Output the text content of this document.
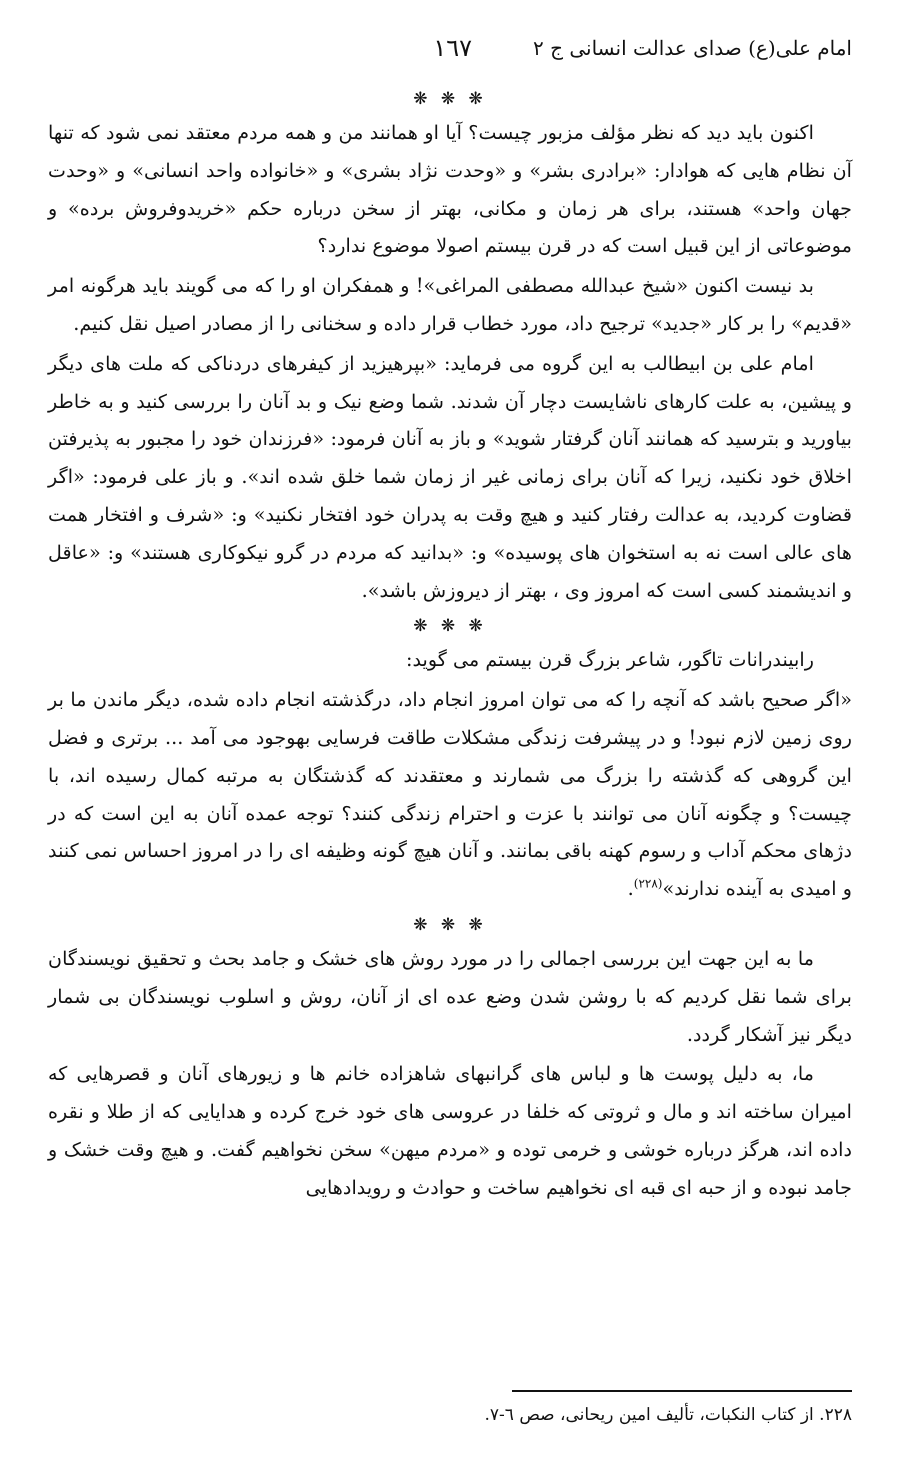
امام علی(ع) صدای عدالت انسانی ج ۲
۱٦۷
❋ ❋ ❋

اکنون باید دید که نظر مؤلف مزبور چیست؟ آیا او همانند من و همه مردم معتقد نمی شود که تنها آن نظام هایی که هوادار: «برادری بشر» و «وحدت نژاد بشری» و «خانواده واحد انسانی» و «وحدت جهان واحد» هستند، برای هر زمان و مکانی، بهتر از سخن درباره حکم «خریدوفروش برده» و موضوعاتی از این قبیل است که در قرن بیستم اصولا موضوع ندارد؟

بد نیست اکنون «شیخ عبدالله مصطفی المراغی»! و همفکران او را که می گویند باید هرگونه امر «قدیم» را بر کار «جدید» ترجیح داد، مورد خطاب قرار داده و سخنانی را از مصادر اصیل نقل کنیم.

امام علی بن ابیطالب به این گروه می فرماید: «بپرهیزید از کیفرهای دردناکی که ملت های دیگر و پیشین، به علت کارهای ناشایست دچار آن شدند. شما وضع نیک و بد آنان را بررسی کنید و به خاطر بیاورید و بترسید که همانند آنان گرفتار شوید» و باز به آنان فرمود: «فرزندان خود را مجبور به پذیرفتن اخلاق خود نکنید، زیرا که آنان برای زمانی غیر از زمان شما خلق شده اند». و باز علی فرمود: «اگر قضاوت کردید، به عدالت رفتار کنید و هیچ وقت به پدران خود افتخار نکنید» و: «شرف و افتخار همت های عالی است نه به استخوان های پوسیده» و: «بدانید که مردم در گرو نیکوکاری هستند» و: «عاقل و اندیشمند کسی است که امروز وی ، بهتر از دیروزش باشد».

❋ ❋ ❋

رابیندرانات تاگور، شاعر بزرگ قرن بیستم می گوید:

«اگر صحیح باشد که آنچه را که می توان امروز انجام داد، درگذشته انجام داده شده، دیگر ماندن ما بر روی زمین لازم نبود! و در پیشرفت زندگی مشکلات طاقت فرسایی بهوجود می آمد ... برتری و فضل این گروهی که گذشته را بزرگ می شمارند و معتقدند که گذشتگان به مرتبه کمال رسیده اند، با چیست؟ و چگونه آنان می توانند با عزت و احترام زندگی کنند؟ توجه عمده آنان به این است که در دژهای محکم آداب و رسوم کهنه باقی بمانند. و آنان هیچ گونه وظیفه ای را در امروز احساس نمی کنند و امیدی به آینده ندارند»$^{(۲۲۸)}$.

❋ ❋ ❋

ما به این جهت این بررسی اجمالی را در مورد روش های خشک و جامد بحث و تحقیق نویسندگان برای شما نقل کردیم که با روشن شدن وضع عده ای از آنان، روش و اسلوب نویسندگان بی شمار دیگر نیز آشکار گردد.

ما، به دلیل پوست ها و لباس های گرانبهای شاهزاده خانم ها و زیورهای آنان و قصرهایی که امیران ساخته اند و مال و ثروتی که خلفا در عروسی های خود خرج کرده و هدایایی که از طلا و نقره داده اند، هرگز درباره خوشی و خرمی توده و «مردم میهن» سخن نخواهیم گفت. و هیچ وقت خشک و جامد نبوده و از حبه ای قبه ای نخواهیم ساخت و حوادث و رویدادهایی

۲۲۸. از کتاب النکبات، تألیف امین ریحانی، صص ٦-۷.
